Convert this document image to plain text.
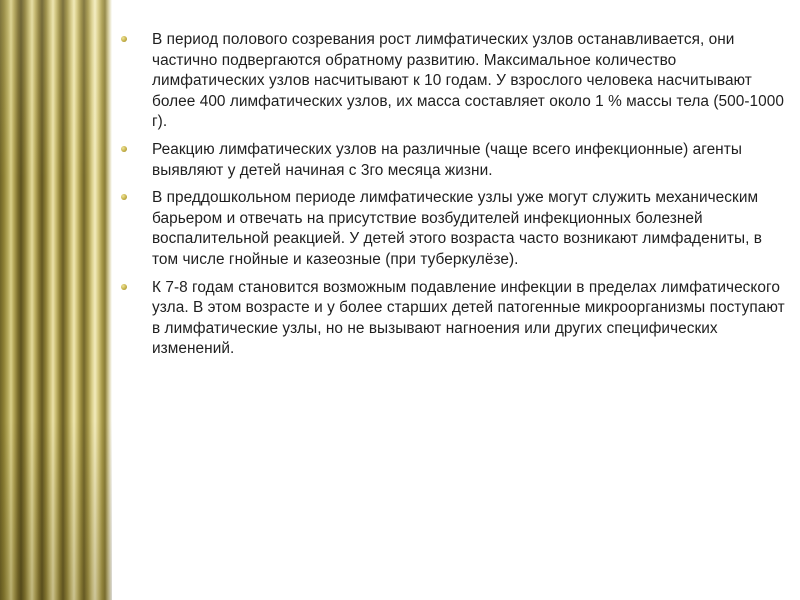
В период полового созревания рост лимфатических узлов останавливается, они частично подвергаются обратному развитию. Максимальное количество лимфатических узлов насчитывают к 10 годам. У взрослого человека насчитывают более 400 лимфатических узлов, их масса составляет около 1 % массы тела (500-1000 г).
Реакцию лимфатических узлов на различные (чаще всего инфекционные) агенты выявляют у детей начиная с 3го месяца жизни.
В преддошкольном периоде лимфатические узлы уже могут служить механическим барьером и отвечать на присутствие возбудителей инфекционных болезней воспалительной реакцией. У детей этого возраста часто возникают лимфадениты, в том числе гнойные и казеозные (при туберкулёзе).
К 7-8 годам становится возможным подавление инфекции в пределах лимфатического узла. В этом возрасте и у более старших детей патогенные микроорганизмы поступают в лимфатические узлы, но не вызывают нагноения или других специфических изменений.
